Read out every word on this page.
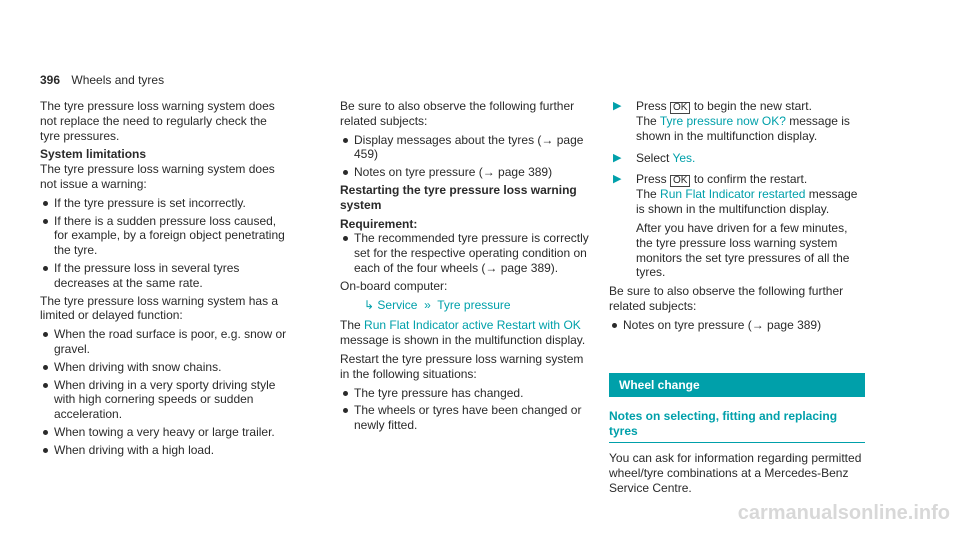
396 Wheels and tyres

The tyre pressure loss warning system does not replace the need to regularly check the tyre pressures.

System limitations

The tyre pressure loss warning system does not issue a warning:

If the tyre pressure is set incorrectly.
If there is a sudden pressure loss caused, for example, by a foreign object penetrating the tyre.
If the pressure loss in several tyres decreases at the same rate.

The tyre pressure loss warning system has a limited or delayed function:

When the road surface is poor, e.g. snow or gravel.
When driving with snow chains.
When driving in a very sporty driving style with high cornering speeds or sudden acceleration.
When towing a very heavy or large trailer.
When driving with a high load.

Be sure to also observe the following further related subjects:

Display messages about the tyres (→ page 459)
Notes on tyre pressure (→ page 389)
Restarting the tyre pressure loss warning system
Requirement:
The recommended tyre pressure is correctly set for the respective operating condition on each of the four wheels (→ page 389).

On-board computer:

↳ Service  »  Tyre pressure

The Run Flat Indicator active Restart with OK message is shown in the multifunction display.

Restart the tyre pressure loss warning system in the following situations:

The tyre pressure has changed.
The wheels or tyres have been changed or newly fitted.
▶ Press OK to begin the new start.
The Tyre pressure now OK? message is shown in the multifunction display.
▶ Select Yes.
▶ Press OK to confirm the restart.
The Run Flat Indicator restarted message is shown in the multifunction display.
After you have driven for a few minutes, the tyre pressure loss warning system monitors the set tyre pressures of all the tyres.

Be sure to also observe the following further related subjects:

Notes on tyre pressure (→ page 389)
Wheel change
Notes on selecting, fitting and replacing tyres

You can ask for information regarding permitted wheel/tyre combinations at a Mercedes-Benz Service Centre.

carmanualsonline.info
